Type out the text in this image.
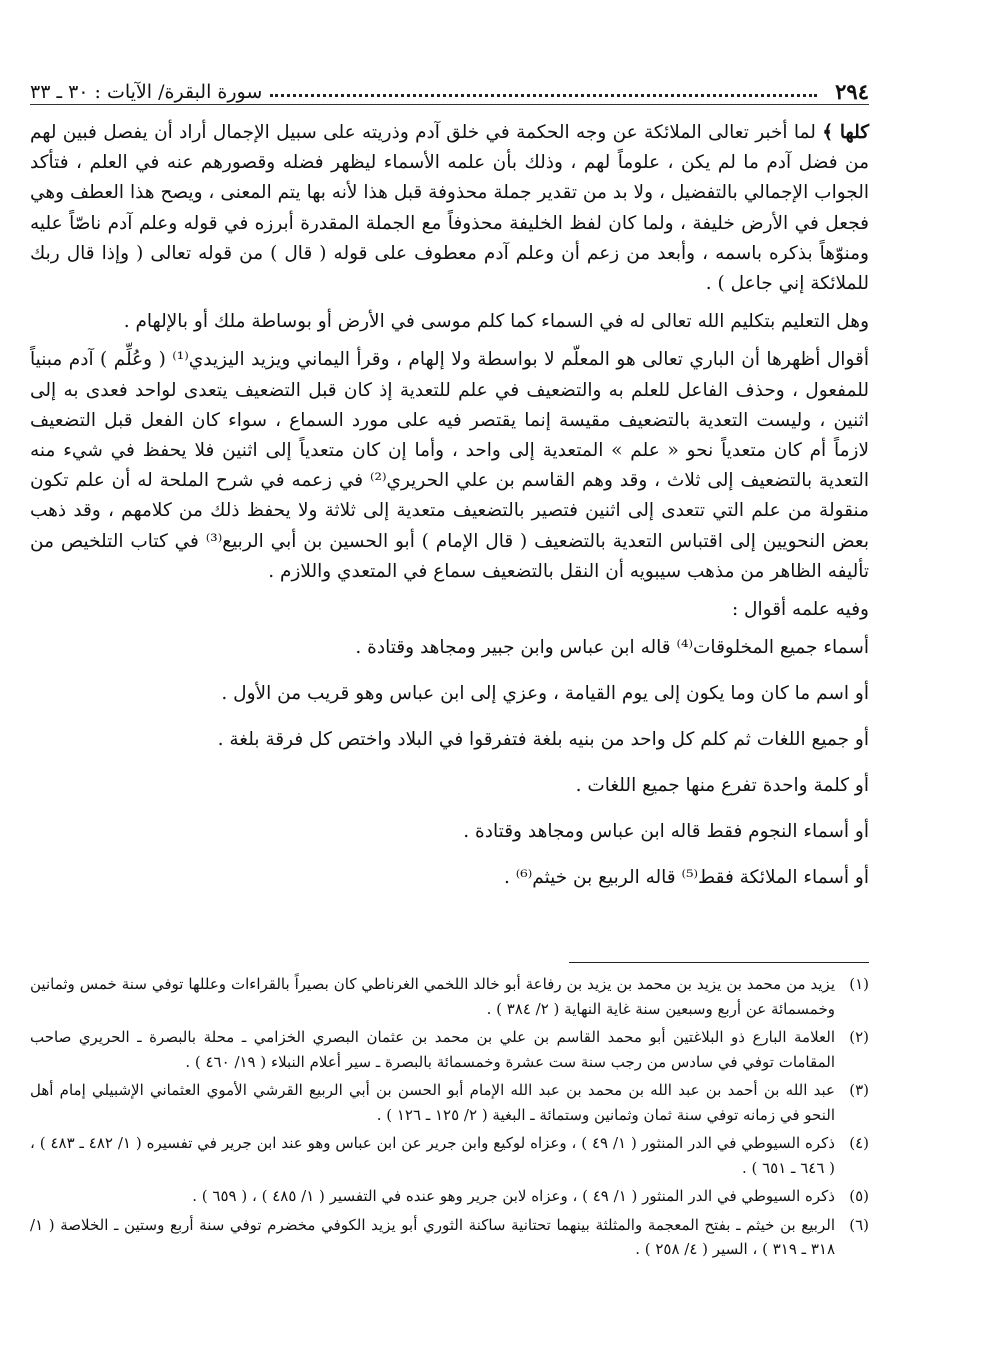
٢٩٤
سورة البقرة/ الآيات : ٣٠ ـ ٣٣

كلها ﴾ لما أخبر تعالى الملائكة عن وجه الحكمة في خلق آدم وذريته على سبيل الإجمال أراد أن يفصل فبين لهم من فضل آدم ما لم يكن ، علوماً لهم ، وذلك بأن علمه الأسماء ليظهر فضله وقصورهم عنه في العلم ، فتأكد الجواب الإجمالي بالتفضيل ، ولا بد من تقدير جملة محذوفة قبل هذا لأنه بها يتم المعنى ، ويصح هذا العطف وهي فجعل في الأرض خليفة ، ولما كان لفظ الخليفة محذوفاً مع الجملة المقدرة أبرزه في قوله وعلم آدم ناصّاً عليه ومنوّهاً بذكره باسمه ، وأبعد من زعم أن وعلم آدم معطوف على قوله ( قال ) من قوله تعالى ( وإذا قال ربك للملائكة إني جاعل ) .

وهل التعليم بتكليم الله تعالى له في السماء كما كلم موسى في الأرض أو بوساطة ملك أو بالإلهام .

أقوال أظهرها أن الباري تعالى هو المعلّم لا بواسطة ولا إلهام ، وقرأ اليماني ويزيد اليزيدي⁽¹⁾ ( وعُلِّم ) آدم مبنياً للمفعول ، وحذف الفاعل للعلم به والتضعيف في علم للتعدية إذ كان قبل التضعيف يتعدى لواحد فعدى به إلى اثنين ، وليست التعدية بالتضعيف مقيسة إنما يقتصر فيه على مورد السماع ، سواء كان الفعل قبل التضعيف لازماً أم كان متعدياً نحو « علم » المتعدية إلى واحد ، وأما إن كان متعدياً إلى اثنين فلا يحفظ في شيء منه التعدية بالتضعيف إلى ثلاث ، وقد وهم القاسم بن علي الحريري⁽²⁾ في زعمه في شرح الملحة له أن علم تكون منقولة من علم التي تتعدى إلى اثنين فتصير بالتضعيف متعدية إلى ثلاثة ولا يحفظ ذلك من كلامهم ، وقد ذهب بعض النحويين إلى اقتباس التعدية بالتضعيف ( قال الإمام ) أبو الحسين بن أبي الربيع⁽³⁾ في كتاب التلخيص من تأليفه الظاهر من مذهب سيبويه أن النقل بالتضعيف سماع في المتعدي واللازم .

وفيه علمه أقوال :

أسماء جميع المخلوقات⁽⁴⁾ قاله ابن عباس وابن جبير ومجاهد وقتادة .

أو اسم ما كان وما يكون إلى يوم القيامة ، وعزي إلى ابن عباس وهو قريب من الأول .

أو جميع اللغات ثم كلم كل واحد من بنيه بلغة فتفرقوا في البلاد واختص كل فرقة بلغة .

أو كلمة واحدة تفرع منها جميع اللغات .

أو أسماء النجوم فقط قاله ابن عباس ومجاهد وقتادة .

أو أسماء الملائكة فقط⁽⁵⁾ قاله الربيع بن خيثم⁽⁶⁾ .

(١)
يزيد من محمد بن يزيد بن محمد بن يزيد بن رفاعة أبو خالد اللخمي الغرناطي كان بصيراً بالقراءات وعللها توفي سنة خمس وثمانين وخمسمائة عن أربع وسبعين سنة غاية النهاية ( ٢/ ٣٨٤ ) .
(٢)
العلامة البارع ذو البلاغتين أبو محمد القاسم بن علي بن محمد بن عثمان البصري الخزامي ـ محلة بالبصرة ـ الحريري صاحب المقامات توفي في سادس من رجب سنة ست عشرة وخمسمائة بالبصرة ـ سير أعلام النبلاء ( ١٩/ ٤٦٠ ) .
(٣)
عبد الله بن أحمد بن عبد الله بن محمد بن عبد الله الإمام أبو الحسن بن أبي الربيع القرشي الأموي العثماني الإشبيلي إمام أهل النحو في زمانه توفي سنة ثمان وثمانين وستمائة ـ البغية ( ٢/ ١٢٥ ـ ١٢٦ ) .
(٤)
ذكره السيوطي في الدر المنثور ( ١/ ٤٩ ) ، وعزاه لوكيع وابن جرير عن ابن عباس وهو عند ابن جرير في تفسيره ( ١/ ٤٨٢ ـ ٤٨٣ ) ، ( ٦٤٦ ـ ٦٥١ ) .
(٥)
ذكره السيوطي في الدر المنثور ( ١/ ٤٩ ) ، وعزاه لابن جرير وهو عنده في التفسير ( ١/ ٤٨٥ ) ، ( ٦٥٩ ) .
(٦)
الربيع بن خيثم ـ بفتح المعجمة والمثلثة بينهما تحتانية ساكنة الثوري أبو يزيد الكوفي مخضرم توفي سنة أربع وستين ـ الخلاصة ( ١/ ٣١٨ ـ ٣١٩ ) ، السير ( ٤/ ٢٥٨ ) .
